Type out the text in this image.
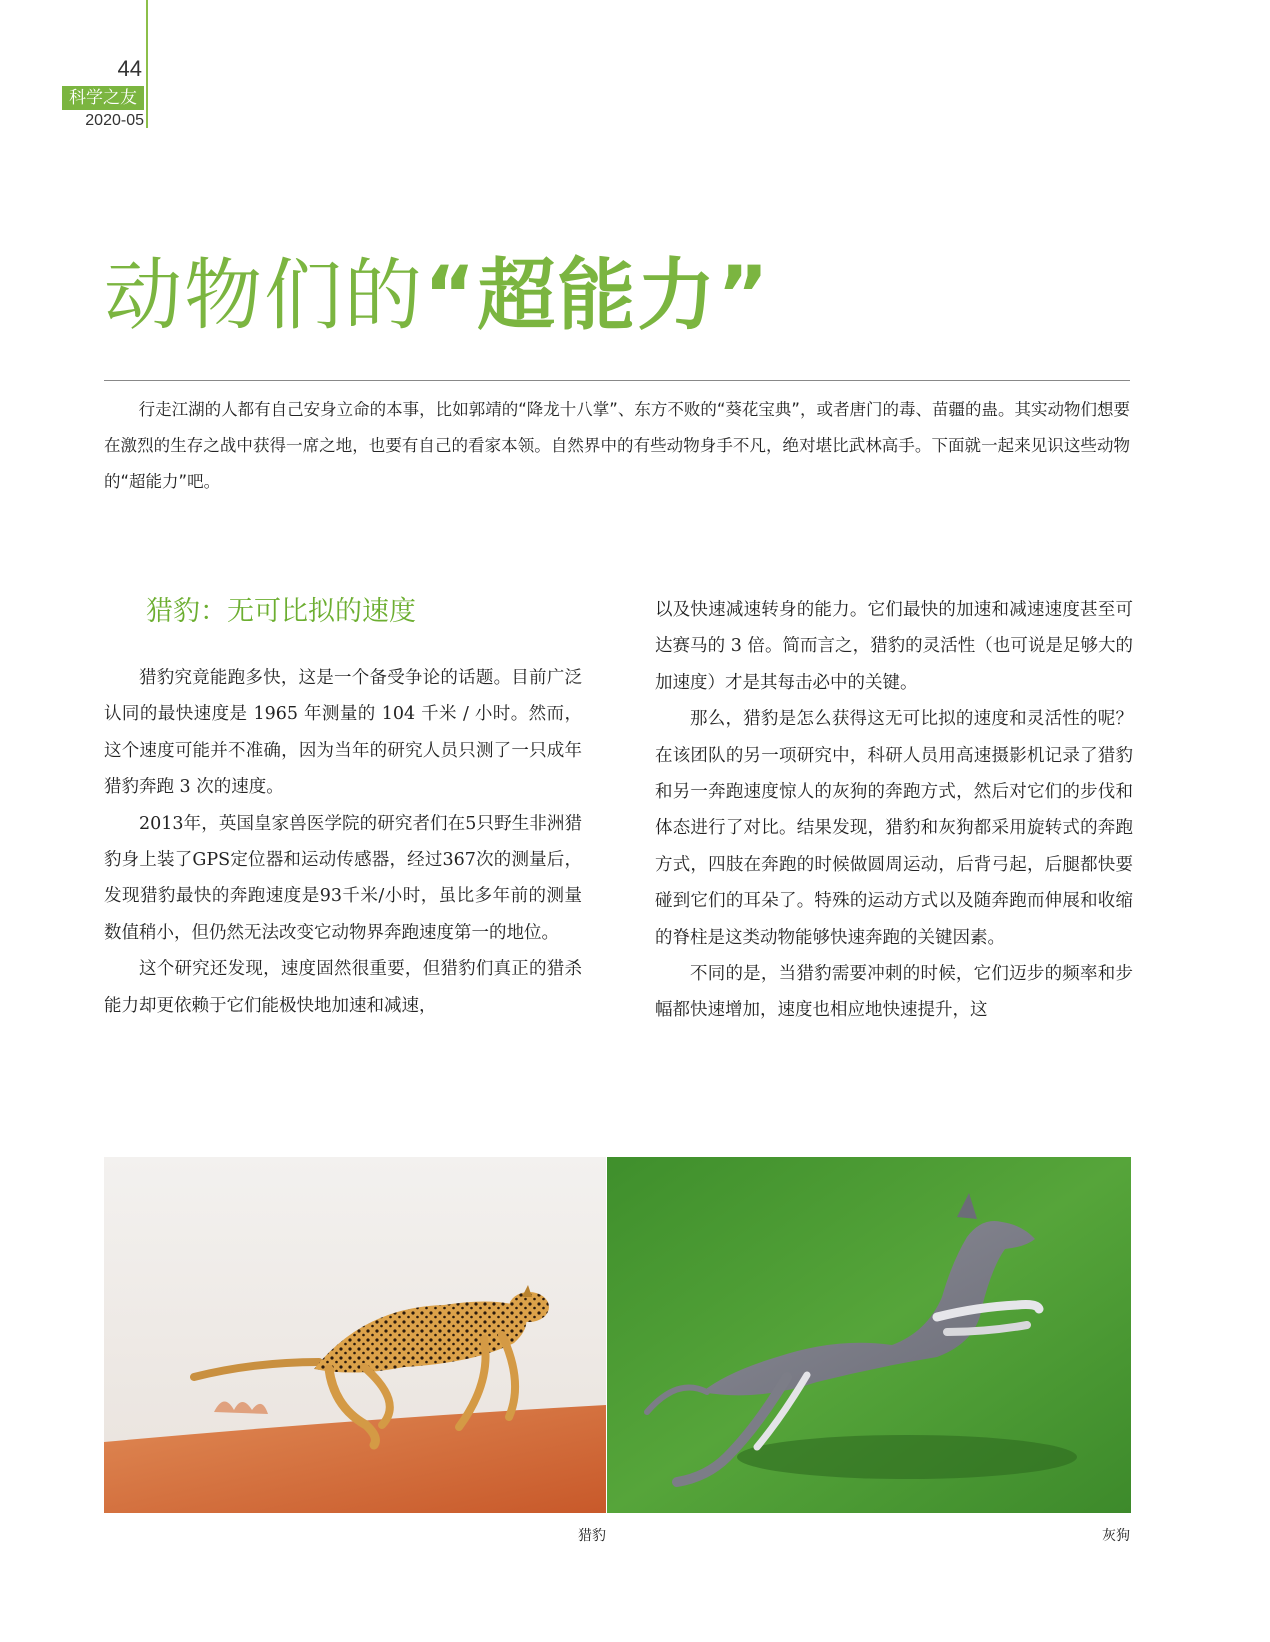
44
科学之友
2020-05
动物们的“超能力”

行走江湖的人都有自己安身立命的本事，比如郭靖的“降龙十八掌”、东方不败的“葵花宝典”，或者唐门的毒、苗疆的蛊。其实动物们想要在激烈的生存之战中获得一席之地，也要有自己的看家本领。自然界中的有些动物身手不凡，绝对堪比武林高手。下面就一起来见识这些动物的“超能力”吧。

猎豹：无可比拟的速度

猎豹究竟能跑多快，这是一个备受争论的话题。目前广泛认同的最快速度是 1965 年测量的 104 千米 / 小时。然而，这个速度可能并不准确，因为当年的研究人员只测了一只成年猎豹奔跑 3 次的速度。

2013年，英国皇家兽医学院的研究者们在5只野生非洲猎豹身上装了GPS定位器和运动传感器，经过367次的测量后，发现猎豹最快的奔跑速度是93千米/小时，虽比多年前的测量数值稍小，但仍然无法改变它动物界奔跑速度第一的地位。

这个研究还发现，速度固然很重要，但猎豹们真正的猎杀能力却更依赖于它们能极快地加速和减速，

以及快速减速转身的能力。它们最快的加速和减速速度甚至可达赛马的 3 倍。简而言之，猎豹的灵活性（也可说是足够大的加速度）才是其每击必中的关键。

那么，猎豹是怎么获得这无可比拟的速度和灵活性的呢？在该团队的另一项研究中，科研人员用高速摄影机记录了猎豹和另一奔跑速度惊人的灰狗的奔跑方式，然后对它们的步伐和体态进行了对比。结果发现，猎豹和灰狗都采用旋转式的奔跑方式，四肢在奔跑的时候做圆周运动，后背弓起，后腿都快要碰到它们的耳朵了。特殊的运动方式以及随奔跑而伸展和收缩的脊柱是这类动物能够快速奔跑的关键因素。

不同的是，当猎豹需要冲刺的时候，它们迈步的频率和步幅都快速增加，速度也相应地快速提升，这

猎豹	灰狗
